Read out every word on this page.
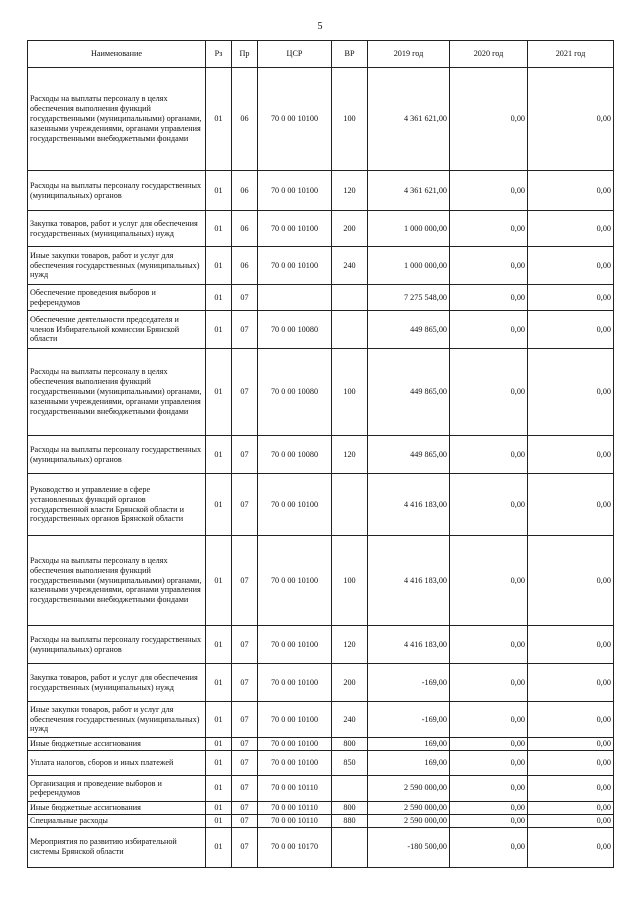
5
Наименование	Рз	Пр	ЦСР	ВР	2019 год	2020 год	2021 год
Расходы на выплаты персоналу в целях обеспечения выполнения функций государственными (муниципальными) органами, казенными учреждениями, органами управления государственными внебюджетными фондами	01	06	70 0 00 10100	100	4 361 621,00	0,00	0,00
Расходы на выплаты персоналу государственных (муниципальных) органов	01	06	70 0 00 10100	120	4 361 621,00	0,00	0,00
Закупка товаров, работ и услуг для обеспечения государственных (муниципальных) нужд	01	06	70 0 00 10100	200	1 000 000,00	0,00	0,00
Иные закупки товаров, работ и услуг для обеспечения государственных (муниципальных) нужд	01	06	70 0 00 10100	240	1 000 000,00	0,00	0,00
Обеспечение проведения выборов и референдумов	01	07			7 275 548,00	0,00	0,00
Обеспечение деятельности председателя и членов Избирательной комиссии Брянской области	01	07	70 0 00 10080		449 865,00	0,00	0,00
Расходы на выплаты персоналу в целях обеспечения выполнения функций государственными (муниципальными) органами, казенными учреждениями, органами управления государственными внебюджетными фондами	01	07	70 0 00 10080	100	449 865,00	0,00	0,00
Расходы на выплаты персоналу государственных (муниципальных) органов	01	07	70 0 00 10080	120	449 865,00	0,00	0,00
Руководство и управление в сфере установленных функций органов государственной власти Брянской области и государственных органов Брянской области	01	07	70 0 00 10100		4 416 183,00	0,00	0,00
Расходы на выплаты персоналу в целях обеспечения выполнения функций государственными (муниципальными) органами, казенными учреждениями, органами управления государственными внебюджетными фондами	01	07	70 0 00 10100	100	4 416 183,00	0,00	0,00
Расходы на выплаты персоналу государственных (муниципальных) органов	01	07	70 0 00 10100	120	4 416 183,00	0,00	0,00
Закупка товаров, работ и услуг для обеспечения государственных (муниципальных) нужд	01	07	70 0 00 10100	200	-169,00	0,00	0,00
Иные закупки товаров, работ и услуг для обеспечения государственных (муниципальных) нужд	01	07	70 0 00 10100	240	-169,00	0,00	0,00
Иные бюджетные ассигнования	01	07	70 0 00 10100	800	169,00	0,00	0,00
Уплата налогов, сборов и иных платежей	01	07	70 0 00 10100	850	169,00	0,00	0,00
Организация и проведение выборов и референдумов	01	07	70 0 00 10110		2 590 000,00	0,00	0,00
Иные бюджетные ассигнования	01	07	70 0 00 10110	800	2 590 000,00	0,00	0,00
Специальные расходы	01	07	70 0 00 10110	880	2 590 000,00	0,00	0,00
Мероприятия по развитию избирательной системы Брянской области	01	07	70 0 00 10170		-180 500,00	0,00	0,00
